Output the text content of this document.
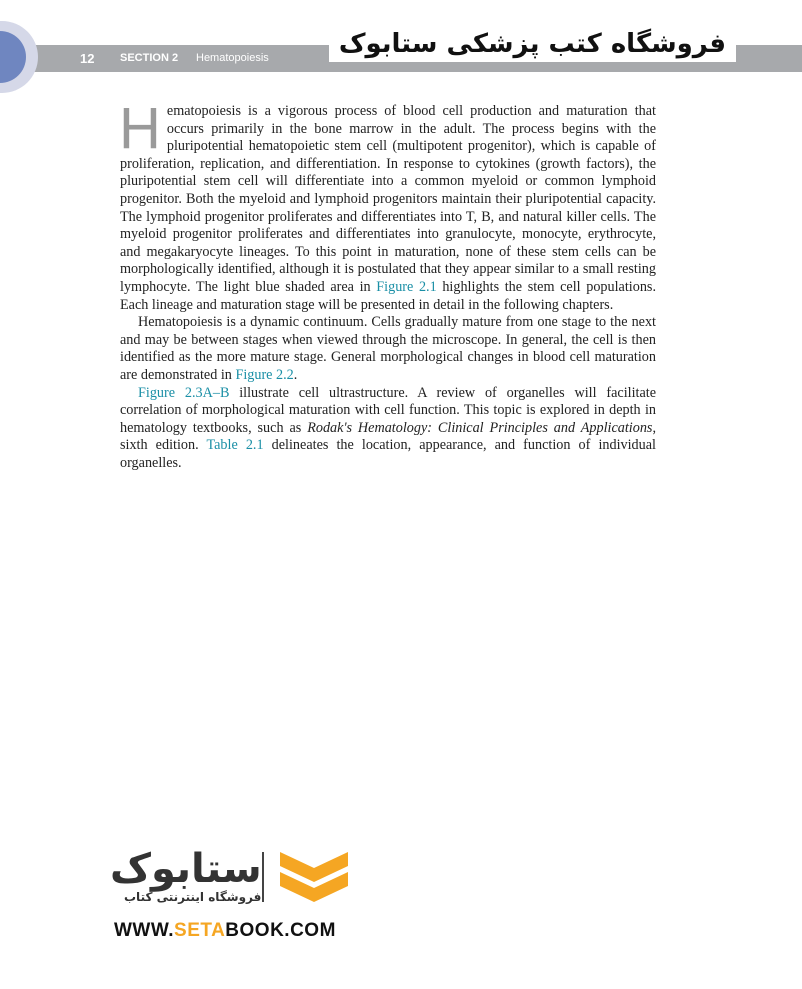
12 SECTION 2 Hematopoiesis	فروشگاه کتب پزشکی ستابوک

Hematopoiesis is a vigorous process of blood cell production and maturation that occurs primarily in the bone marrow in the adult. The process begins with the pluripotential hematopoietic stem cell (multipotent progenitor), which is capable of proliferation, replication, and differentiation. In response to cytokines (growth factors), the pluripotential stem cell will differentiate into a common myeloid or common lymphoid progenitor. Both the myeloid and lymphoid progenitors maintain their pluripotential capacity. The lymphoid progenitor proliferates and differentiates into T, B, and natural killer cells. The myeloid progenitor proliferates and differentiates into granulocyte, monocyte, erythrocyte, and megakaryocyte lineages. To this point in maturation, none of these stem cells can be morphologically identified, although it is postulated that they appear similar to a small resting lymphocyte. The light blue shaded area in Figure 2.1 highlights the stem cell populations. Each lineage and maturation stage will be presented in detail in the following chapters.

Hematopoiesis is a dynamic continuum. Cells gradually mature from one stage to the next and may be between stages when viewed through the microscope. In general, the cell is then identified as the more mature stage. General morphological changes in blood cell maturation are demonstrated in Figure 2.2.

Figure 2.3A–B illustrate cell ultrastructure. A review of organelles will facilitate correlation of morphological maturation with cell function. This topic is explored in depth in hematology textbooks, such as Rodak's Hematology: Clinical Principles and Applications, sixth edition. Table 2.1 delineates the location, appearance, and function of individual organelles.

ستابوک
فروشگاه اینترنتی کتاب
WWW.SETABOOK.COM
